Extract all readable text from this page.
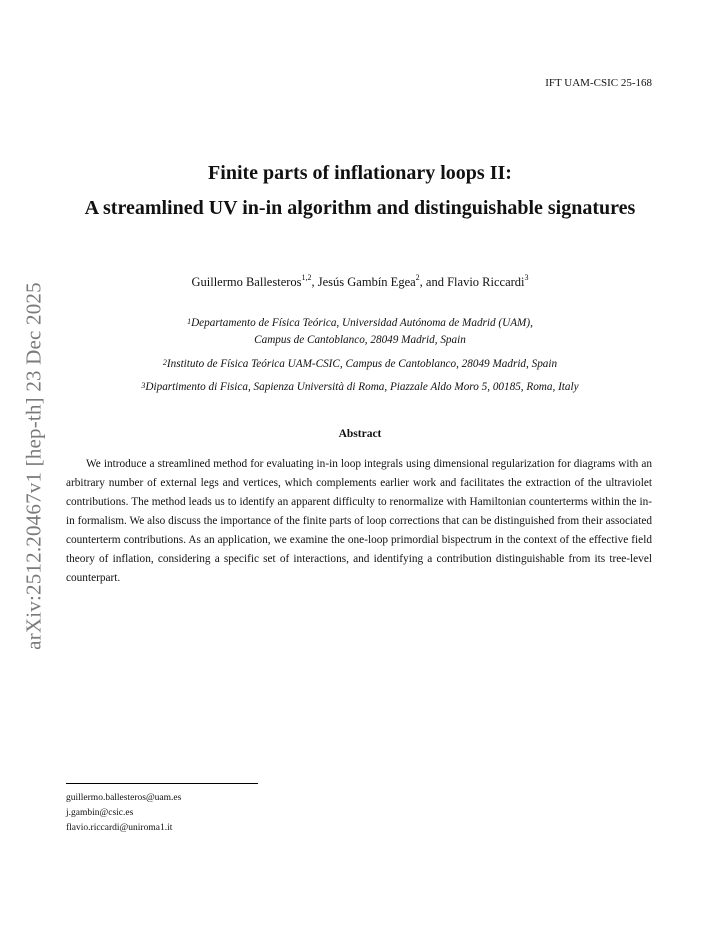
IFT UAM-CSIC 25-168
arXiv:2512.20467v1 [hep-th] 23 Dec 2025
Finite parts of inflationary loops II:
A streamlined UV in-in algorithm and distinguishable signatures
Guillermo Ballesteros$^{1,2}$, Jesús Gambín Egea$^2$, and Flavio Riccardi$^3$
$^1$Departamento de Física Teórica, Universidad Autónoma de Madrid (UAM),
Campus de Cantoblanco, 28049 Madrid, Spain
$^2$Instituto de Física Teórica UAM-CSIC, Campus de Cantoblanco, 28049 Madrid, Spain
$^3$Dipartimento di Fisica, Sapienza Università di Roma, Piazzale Aldo Moro 5, 00185, Roma, Italy
Abstract
We introduce a streamlined method for evaluating in-in loop integrals using dimensional regularization for diagrams with an arbitrary number of external legs and vertices, which complements earlier work and facilitates the extraction of the ultraviolet contributions. The method leads us to identify an apparent difficulty to renormalize with Hamiltonian counterterms within the in-in formalism. We also discuss the importance of the finite parts of loop corrections that can be distinguished from their associated counterterm contributions. As an application, we examine the one-loop primordial bispectrum in the context of the effective field theory of inflation, considering a specific set of interactions, and identifying a contribution distinguishable from its tree-level counterpart.
guillermo.ballesteros@uam.es
j.gambin@csic.es
flavio.riccardi@uniroma1.it
